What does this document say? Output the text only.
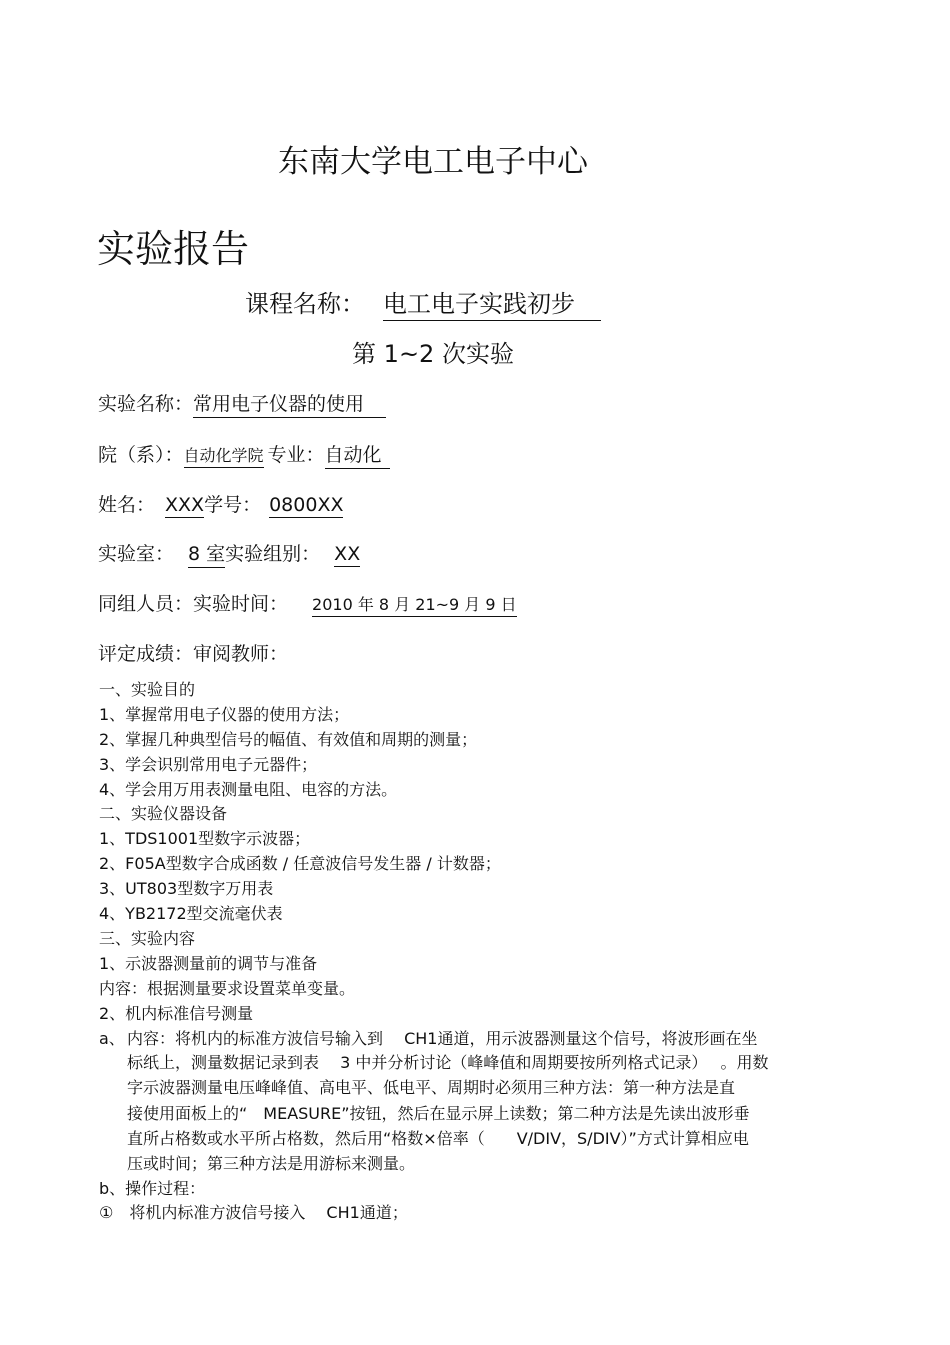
东南大学电工电子中心
实验报告
课程名称： 电工电子实践初步
第 1~2 次实验
实验名称：常用电子仪器的使用
院（系）：自动化学院 专业：自动化
姓名： XXX学号： 0800XX
实验室： 8 室实验组别： XX
同组人员：实验时间： 2010 年 8 月 21~9 月 9 日
评定成绩：审阅教师：
一、实验目的
1、掌握常用电子仪器的使用方法；
2、掌握几种典型信号的幅值、有效值和周期的测量；
3、学会识别常用电子元器件；
4、学会用万用表测量电阻、电容的方法。
二、实验仪器设备
1、TDS1001型数字示波器；
2、F05A型数字合成函数 / 任意波信号发生器 / 计数器；
3、UT803型数字万用表
4、YB2172型交流毫伏表
三、实验内容
1、示波器测量前的调节与准备
内容：根据测量要求设置菜单变量。
2、机内标准信号测量
a、 内容：将机内的标准方波信号输入到　 CH1通道，用示波器测量这个信号，将波形画在坐
标纸上，测量数据记录到表　 3 中并分析讨论（峰峰值和周期要按所列格式记录）　 。用数
字示波器测量电压峰峰值、高电平、低电平、周期时必须用三种方法：第一种方法是直
接使用面板上的“　MEASURE”按钮，然后在显示屏上读数；第二种方法是先读出波形垂
直所占格数或水平所占格数，然后用“格数×倍率（　　V/DIV，S/DIV）”方式计算相应电
压或时间；第三种方法是用游标来测量。
b、操作过程：
①　将机内标准方波信号接入　 CH1通道；
